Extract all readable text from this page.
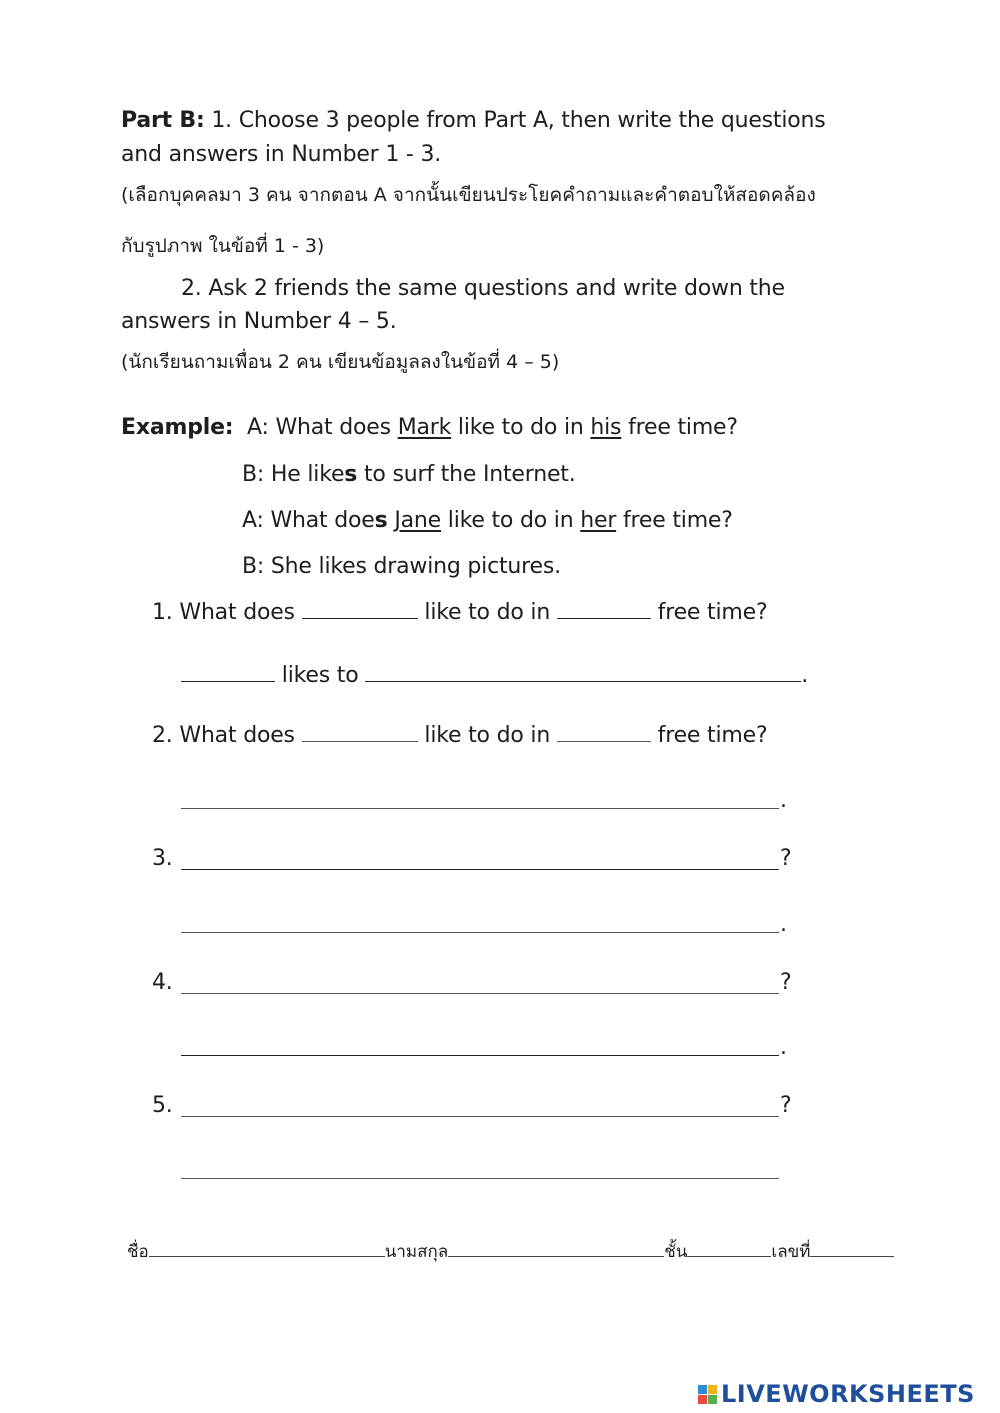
Part B: 1. Choose 3 people from Part A, then write the questions
and answers in Number 1 - 3.
(เลือกบุคคลมา 3 คน จากตอน A จากนั้นเขียนประโยคคำถามและคำตอบให้สอดคล้อง
กับรูปภาพ ในข้อที่ 1 - 3)
2. Ask 2 friends the same questions and write down the
answers in Number 4 – 5.
(นักเรียนถามเพื่อน 2 คน เขียนข้อมูลลงในข้อที่ 4 – 5)
Example: A: What does Mark like to do in his free time?
B: He likes to surf the Internet.
A: What does Jane like to do in her free time?
B: She likes drawing pictures.
1. What does	like to do in	free time?
likes to	.
2. What does	like to do in	free time?
.
3.	?
.
4.	?
.
5.	?
ชื่อ	นามสกุล	ชั้น	เลขที่
LIVEWORKSHEETS
